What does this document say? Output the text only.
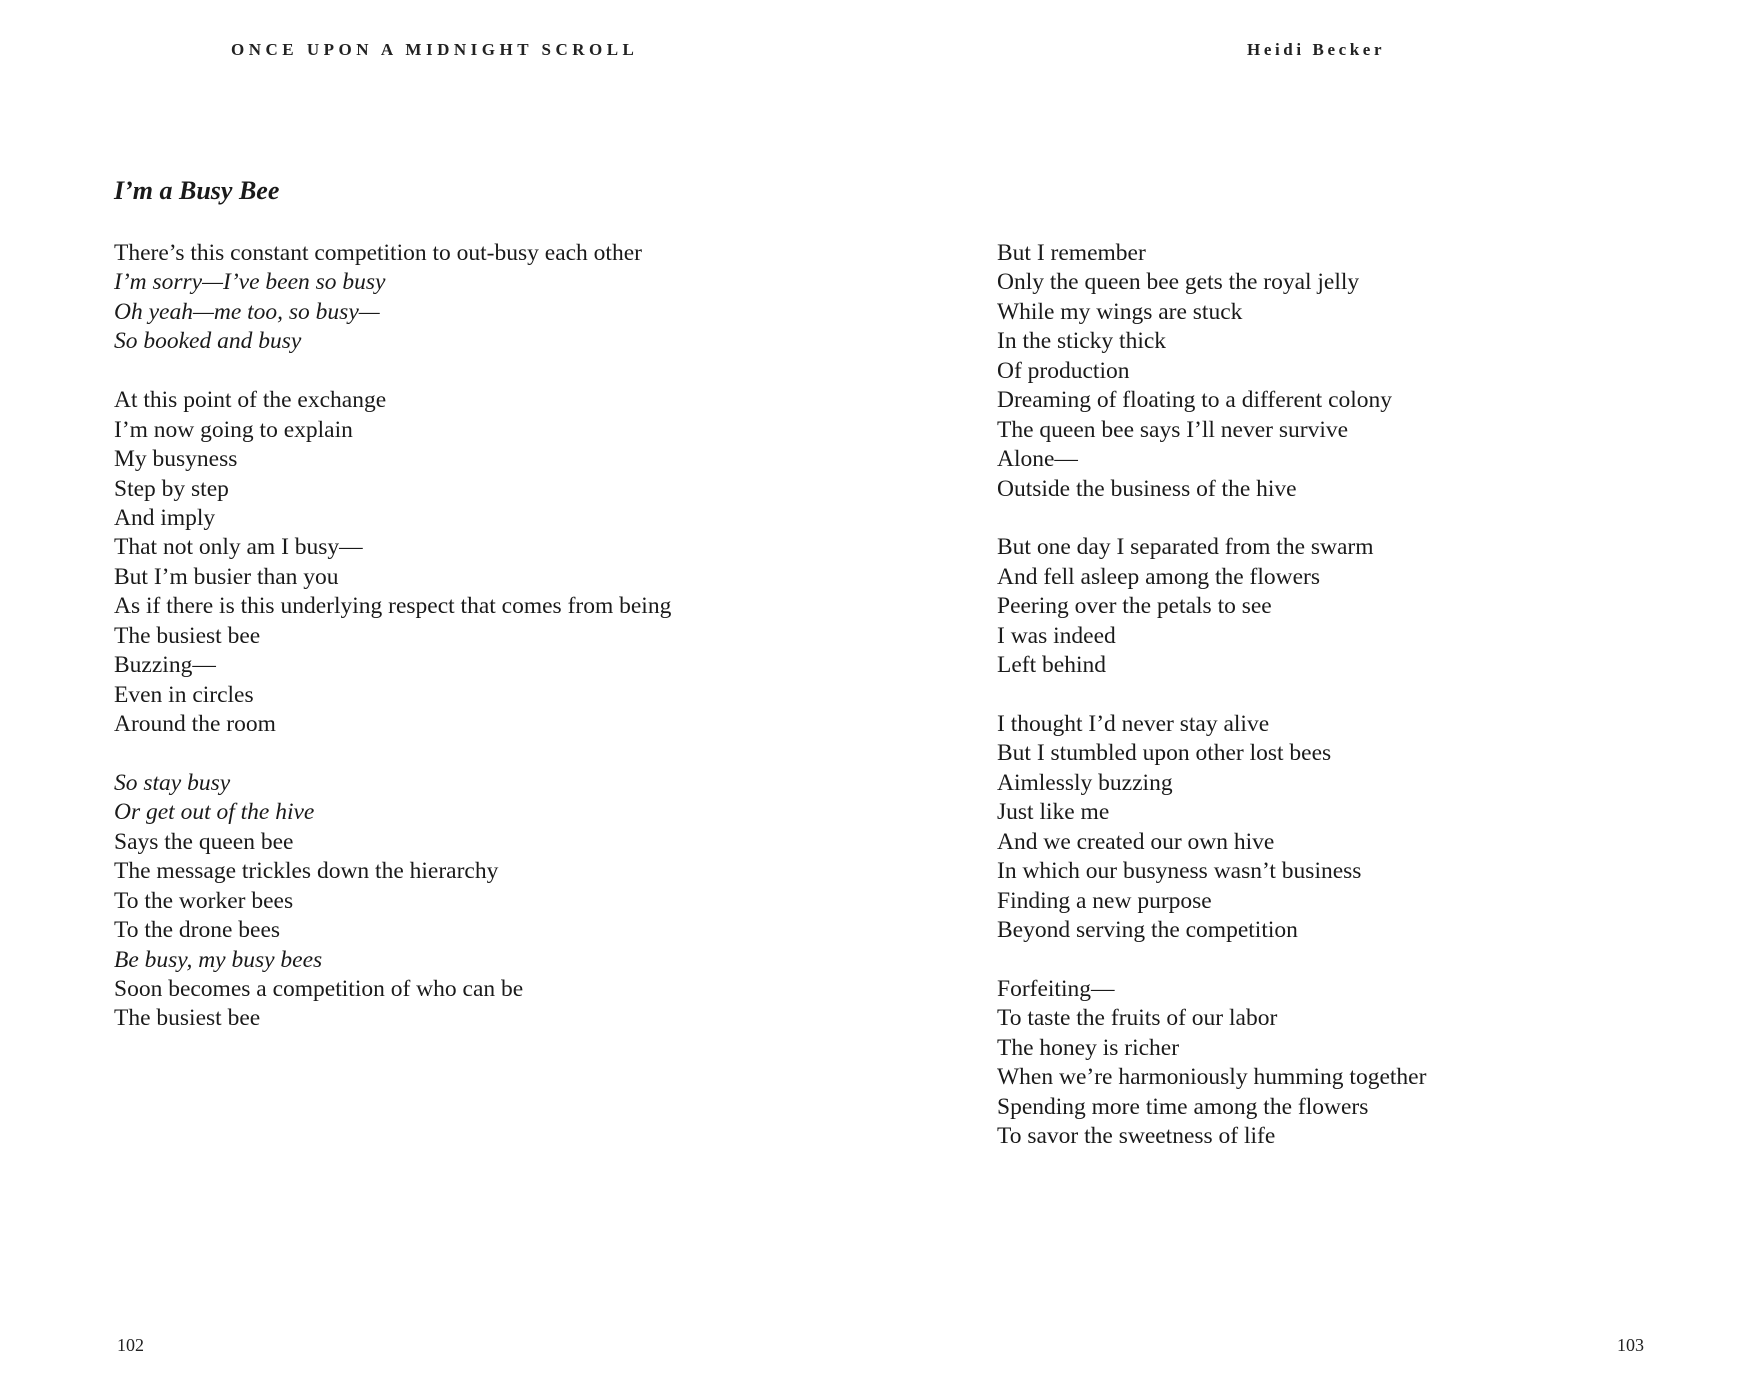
ONCE UPON A MIDNIGHT SCROLL	Heidi Becker
I’m a Busy Bee
There’s this constant competition to out-busy each other
I’m sorry—I’ve been so busy
Oh yeah—me too, so busy—
So booked and busy
At this point of the exchange
I’m now going to explain
My busyness
Step by step
And imply
That not only am I busy—
But I’m busier than you
As if there is this underlying respect that comes from being
The busiest bee
Buzzing—
Even in circles
Around the room
So stay busy
Or get out of the hive
Says the queen bee
The message trickles down the hierarchy
To the worker bees
To the drone bees
Be busy, my busy bees
Soon becomes a competition of who can be
The busiest bee
But I remember
Only the queen bee gets the royal jelly
While my wings are stuck
In the sticky thick
Of production
Dreaming of floating to a different colony
The queen bee says I’ll never survive
Alone—
Outside the business of the hive
But one day I separated from the swarm
And fell asleep among the flowers
Peering over the petals to see
I was indeed
Left behind
I thought I’d never stay alive
But I stumbled upon other lost bees
Aimlessly buzzing
Just like me
And we created our own hive
In which our busyness wasn’t business
Finding a new purpose
Beyond serving the competition
Forfeiting—
To taste the fruits of our labor
The honey is richer
When we’re harmoniously humming together
Spending more time among the flowers
To savor the sweetness of life
102	103
